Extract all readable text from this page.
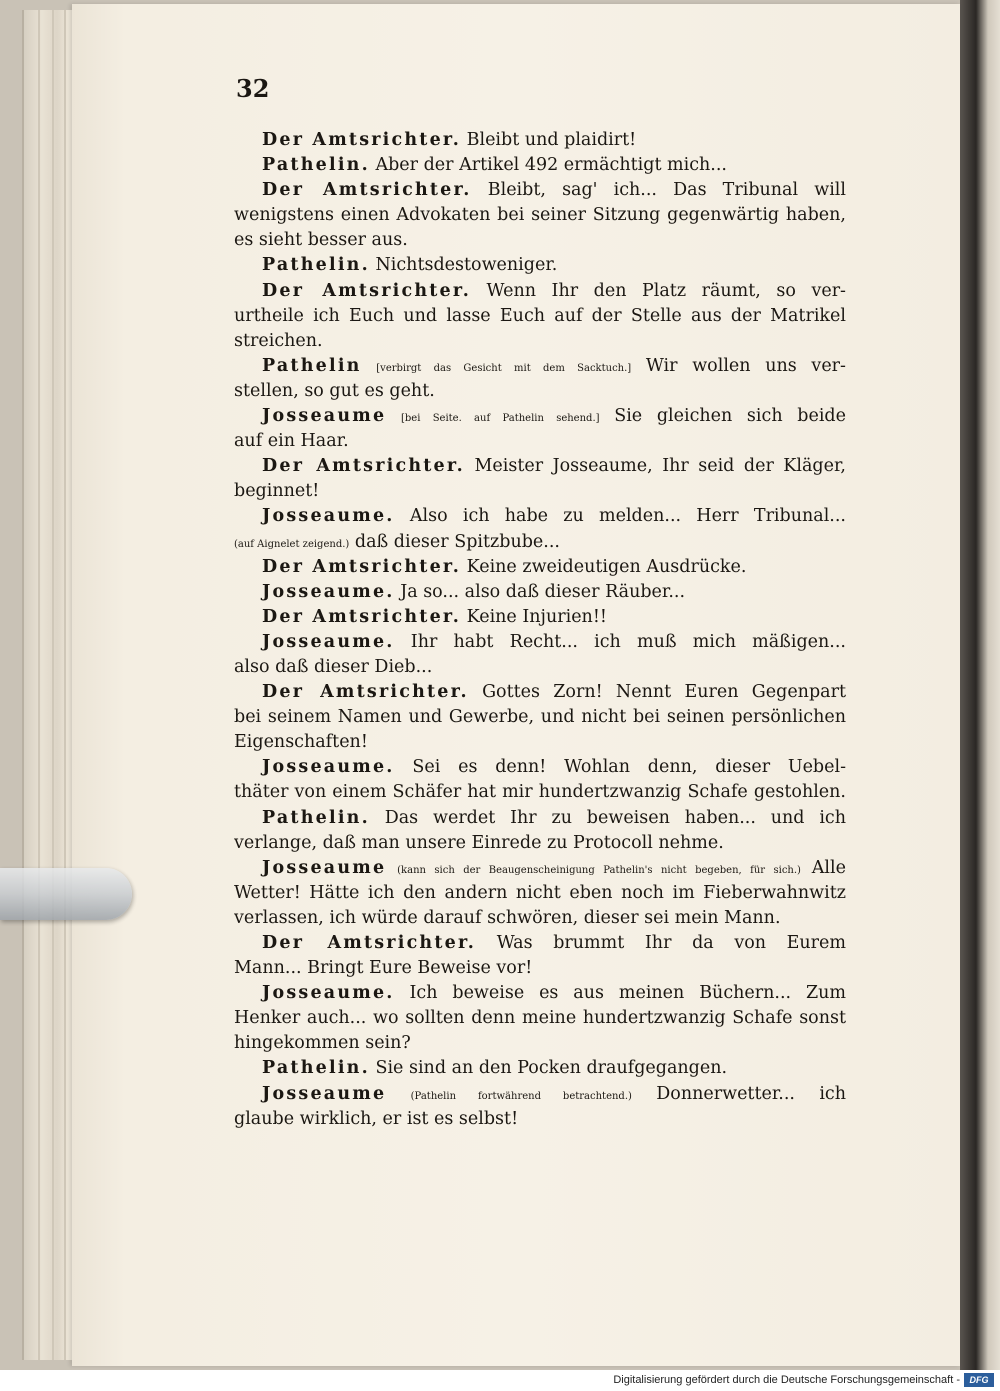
32
Der Amtsrichter. Bleibt und plaidirt!
Pathelin. Aber der Artikel 492 ermächtigt mich...
Der Amtsrichter. Bleibt, sag' ich... Das Tribunal will
wenigstens einen Advokaten bei seiner Sitzung gegenwärtig haben,
es sieht besser aus.
Pathelin. Nichtsdestoweniger.
Der Amtsrichter. Wenn Ihr den Platz räumt, so ver-
urtheile ich Euch und lasse Euch auf der Stelle aus der Matrikel
streichen.
Pathelin [verbirgt das Gesicht mit dem Sacktuch.] Wir wollen uns ver-
stellen, so gut es geht.
Josseaume [bei Seite. auf Pathelin sehend.] Sie gleichen sich beide
auf ein Haar.
Der Amtsrichter. Meister Josseaume, Ihr seid der Kläger,
beginnet!
Josseaume. Also ich habe zu melden... Herr Tribunal...
(auf Aignelet zeigend.) daß dieser Spitzbube...
Der Amtsrichter. Keine zweideutigen Ausdrücke.
Josseaume. Ja so... also daß dieser Räuber...
Der Amtsrichter. Keine Injurien!!
Josseaume. Ihr habt Recht... ich muß mich mäßigen...
also daß dieser Dieb...
Der Amtsrichter. Gottes Zorn! Nennt Euren Gegenpart
bei seinem Namen und Gewerbe, und nicht bei seinen persönlichen
Eigenschaften!
Josseaume. Sei es denn! Wohlan denn, dieser Uebel-
thäter von einem Schäfer hat mir hundertzwanzig Schafe gestohlen.
Pathelin. Das werdet Ihr zu beweisen haben... und ich
verlange, daß man unsere Einrede zu Protocoll nehme.
Josseaume (kann sich der Beaugenscheinigung Pathelin's nicht begeben, für sich.) Alle
Wetter! Hätte ich den andern nicht eben noch im Fieberwahnwitz
verlassen, ich würde darauf schwören, dieser sei mein Mann.
Der Amtsrichter. Was brummt Ihr da von Eurem
Mann... Bringt Eure Beweise vor!
Josseaume. Ich beweise es aus meinen Büchern... Zum
Henker auch... wo sollten denn meine hundertzwanzig Schafe sonst
hingekommen sein?
Pathelin. Sie sind an den Pocken draufgegangen.
Josseaume (Pathelin fortwährend betrachtend.) Donnerwetter... ich
glaube wirklich, er ist es selbst!
Digitalisierung gefördert durch die Deutsche Forschungsgemeinschaft -	DFG
